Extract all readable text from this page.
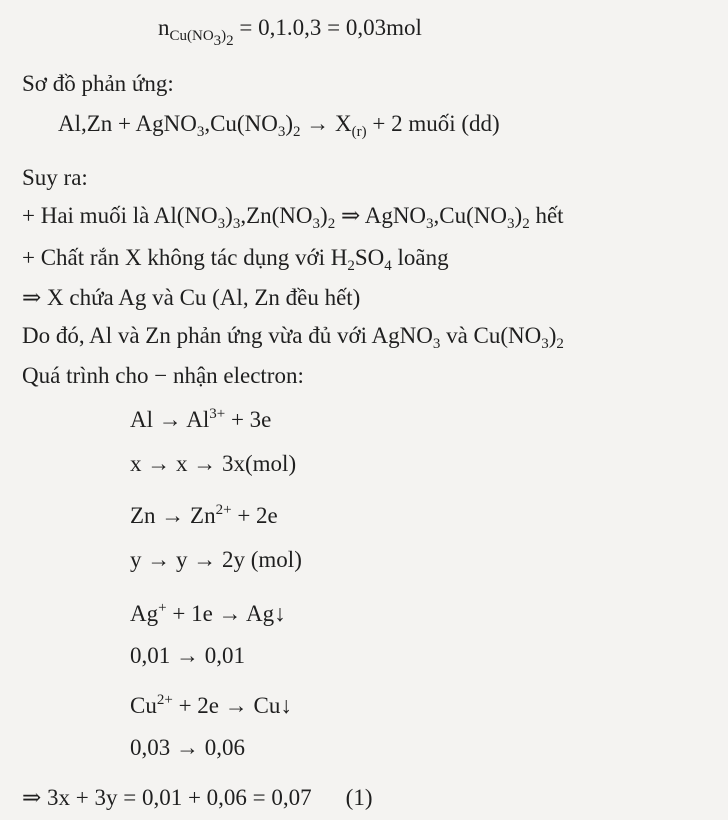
$n_{Cu(NO_3)_2} = 0,1.0,3 = 0,03mol$
Sơ đồ phản ứng:
$Al,Zn + AgNO_3,Cu(NO_3)_2 \to X_{(r)} + 2$ muối (dd)
Suy ra:
+ Hai muối là $Al(NO_3)_3,Zn(NO_3)_2$ ⇒ $AgNO_3,Cu(NO_3)_2$ hết
+ Chất rắn X không tác dụng với $H_2SO_4$ loãng
⇒ X chứa Ag và Cu (Al, Zn đều hết)
Do đó, Al và Zn phản ứng vừa đủ với AgNO$_3$ và $Cu(NO_3)_2$
Quá trình cho − nhận electron:
$Al \to Al^{3+} + 3e$
x → x → 3x(mol)
$Zn \to Zn^{2+} + 2e$
y → y → 2y (mol)
Ag+ + 1e → Ag↓
0,01 → 0,01
$Cu^{2+} + 2e$ → Cu↓
0,03 → 0,06
⇒ 3x + 3y = 0,01 + 0,06 = 0,07 (1)
